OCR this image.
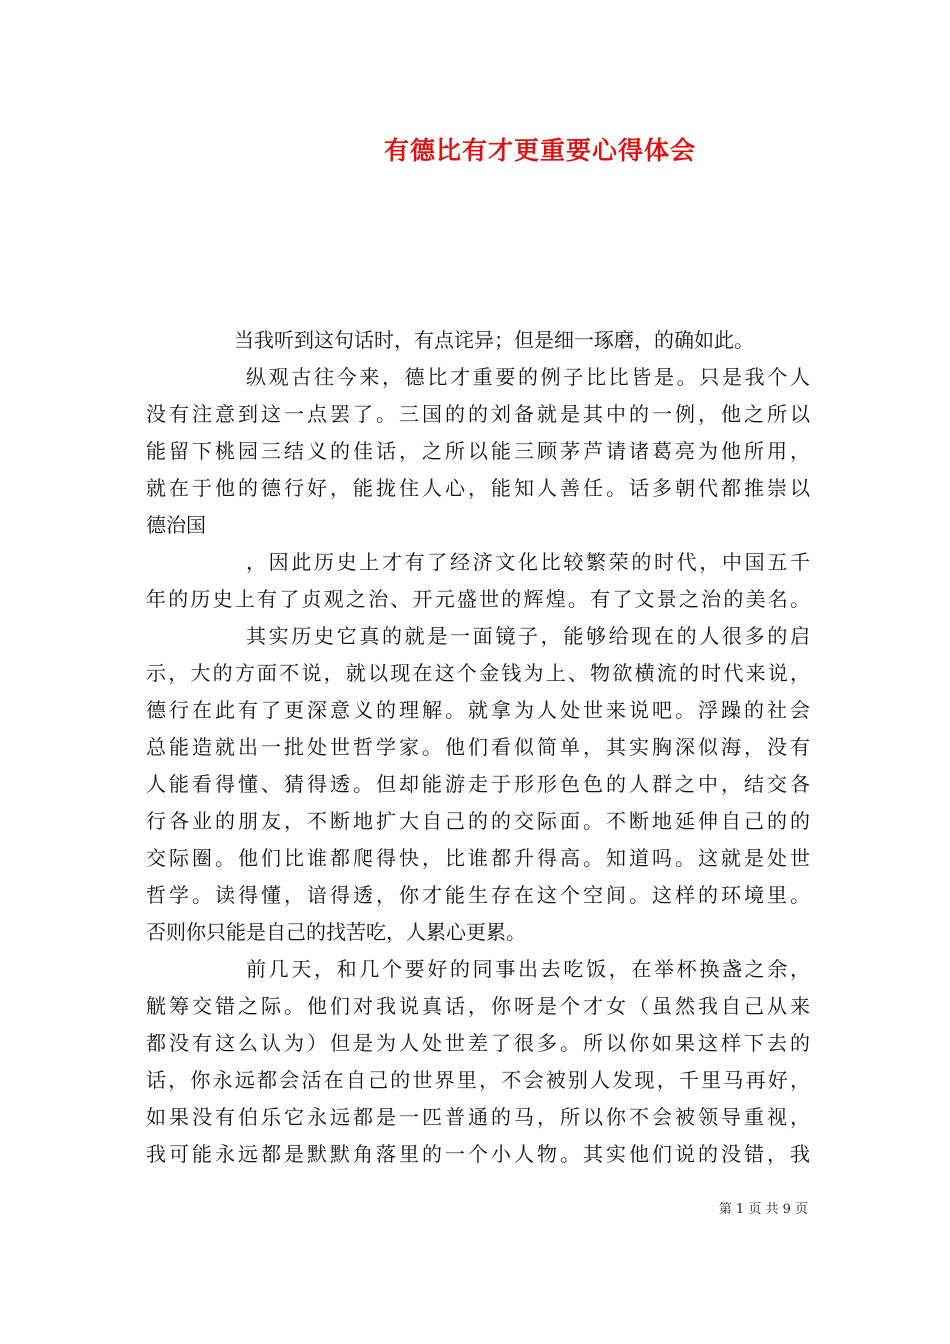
有德比有才更重要心得体会
当我听到这句话时，有点诧异；但是细一琢磨，的确如此。
纵观古往今来，德比才重要的例子比比皆是。只是我个人
没有注意到这一点罢了。三国的的刘备就是其中的一例，他之所以
能留下桃园三结义的佳话，之所以能三顾茅芦请诸葛亮为他所用，
就在于他的德行好，能拢住人心，能知人善任。话多朝代都推崇以
德治国
，因此历史上才有了经济文化比较繁荣的时代，中国五千
年的历史上有了贞观之治、开元盛世的辉煌。有了文景之治的美名。
其实历史它真的就是一面镜子，能够给现在的人很多的启
示，大的方面不说，就以现在这个金钱为上、物欲横流的时代来说，
德行在此有了更深意义的理解。就拿为人处世来说吧。浮躁的社会
总能造就出一批处世哲学家。他们看似简单，其实胸深似海，没有
人能看得懂、猜得透。但却能游走于形形色色的人群之中，结交各
行各业的朋友，不断地扩大自己的的交际面。不断地延伸自己的的
交际圈。他们比谁都爬得快，比谁都升得高。知道吗。这就是处世
哲学。读得懂，谙得透，你才能生存在这个空间。这样的环境里。
否则你只能是自己的找苦吃，人累心更累。
前几天，和几个要好的同事出去吃饭，在举杯换盏之余，
觥筹交错之际。他们对我说真话，你呀是个才女（虽然我自己从来
都没有这么认为）但是为人处世差了很多。所以你如果这样下去的
话，你永远都会活在自己的世界里，不会被别人发现，千里马再好，
如果没有伯乐它永远都是一匹普通的马，所以你不会被领导重视，
我可能永远都是默默角落里的一个小人物。其实他们说的没错，我
第 1 页 共 9 页
